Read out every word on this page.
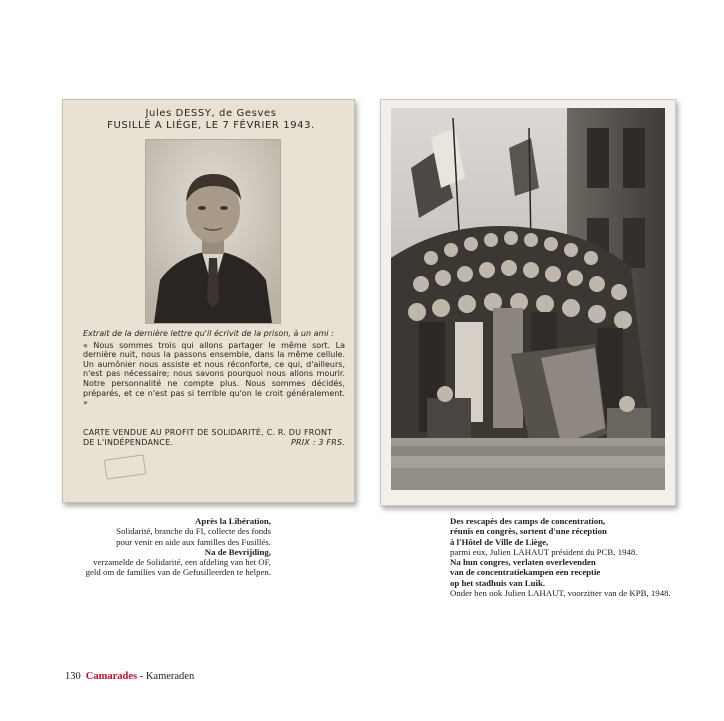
Jules DESSY, de Gesves
FUSILLÉ A LIÉGE, LE 7 FÉVRIER 1943.
Extrait de la dernière lettre qu'il écrivit de la prison, à un ami :
« Nous sommes trois qui allons partager le même sort. La dernière nuit, nous la passons ensemble, dans la même cellule. Un aumônier nous assiste et nous réconforte, ce qui, d'ailleurs, n'est pas nécessaire; nous savons pourquoi nous allons mourir. Notre personnalité ne compte plus. Nous sommes décidés, préparés, et ce n'est pas si terrible qu'on le croit généralement. »
CARTE VENDUE AU PROFIT DE SOLIDARITÉ, C. R. DU FRONT DE L'INDÉPENDANCE.	PRIX : 3 FRS.
Après la Libération,
Solidarité, branche du FI, collecte des fonds
pour venir en aide aux familles des Fusillés.
Na de Bevrijding,
verzamelde de Solidarité, een afdeling van het OF,
geld om de families van de Gefusilleerden te helpen.
Des rescapés des camps de concentration,
réunis en congrès, sortent d'une réception
à l'Hôtel de Ville de Liège,
parmi eux, Julien LAHAUT président du PCB, 1948.
Na hun congres, verlaten overlevenden
van de concentratiekampen een receptie
op het stadhuis van Luik.
Onder hen ook Julien LAHAUT, voorzitter van de KPB, 1948.
130 Camarades - Kameraden
